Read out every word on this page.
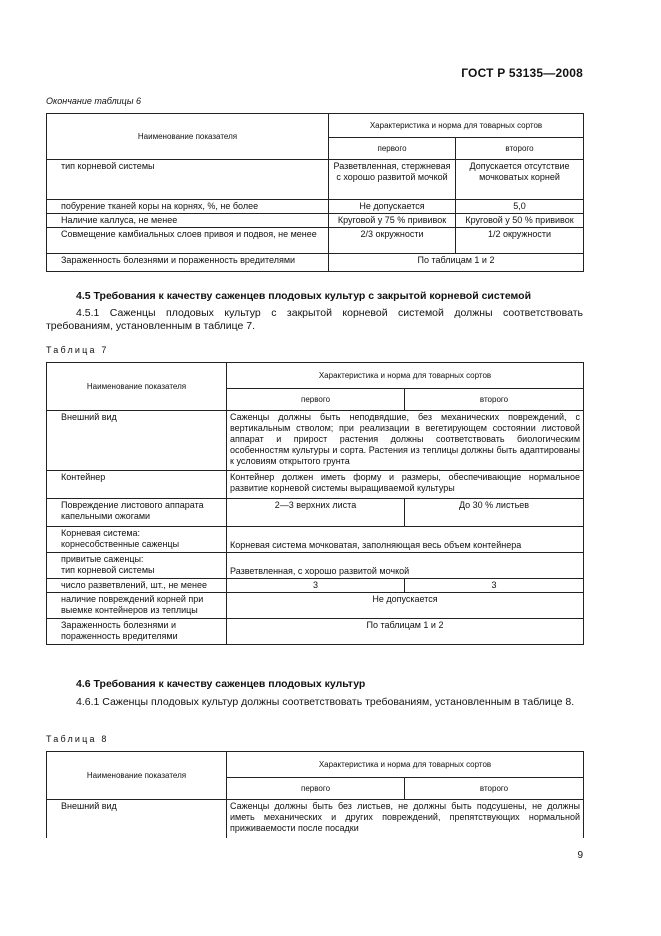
ГОСТ Р 53135—2008
Окончание таблицы 6
Наименование показателя	Характеристика и норма для товарных сортов	
	первого	второго
тип корневой системы	Разветвленная, стержневая с хорошо развитой мочкой	Допускается отсутствие мочковатых корней
побурение тканей коры на корнях, %, не более	Не допускается	5,0
Наличие каллуса, не менее	Круговой у 75 % прививок	Круговой у 50 % прививок
Совмещение камбиальных слоев привоя и подвоя, не менее	2/3 окружности	1/2 окружности
Зараженность болезнями и пораженность вредителями	По таблицам 1 и 2	
4.5 Требования к качеству саженцев плодовых культур с закрытой корневой системой
4.5.1 Саженцы плодовых культур с закрытой корневой системой должны соответствовать требованиям, установленным в таблице 7.
Таблица 7
Наименование показателя	Характеристика и норма для товарных сортов	
	первого	второго
Внешний вид	Саженцы должны быть неподвядшие, без механических повреждений, с вертикальным стволом; при реализации в вегетирующем состоянии листовой аппарат и прирост растения должны соответствовать биологическим особенностям культуры и сорта. Растения из теплицы должны быть адаптированы к условиям открытого грунта	
Контейнер	Контейнер должен иметь форму и размеры, обеспечивающие нормальное развитие корневой системы выращиваемой культуры	
Повреждение листового аппарата капельными ожогами	2—3 верхних листа	До 30 % листьев

Корневая система:
корнесобственные саженцы	Корневая система мочковатая, заполняющая весь объем контейнера	

привитые саженцы:
тип корневой системы	Разветвленная, с хорошо развитой мочкой	
число разветвлений, шт., не менее	3	3
наличие повреждений корней при выемке контейнеров из теплицы	Не допускается	
Зараженность болезнями и пораженность вредителями	По таблицам 1 и 2	
4.6 Требования к качеству саженцев плодовых культур
4.6.1 Саженцы плодовых культур должны соответствовать требованиям, установленным в таблице 8.
Таблица 8
Наименование показателя	Характеристика и норма для товарных сортов	
	первого	второго
Внешний вид	Саженцы должны быть без листьев, не должны быть подсушены, не должны иметь механических и других повреждений, препятствующих нормальной приживаемости после посадки	
9
